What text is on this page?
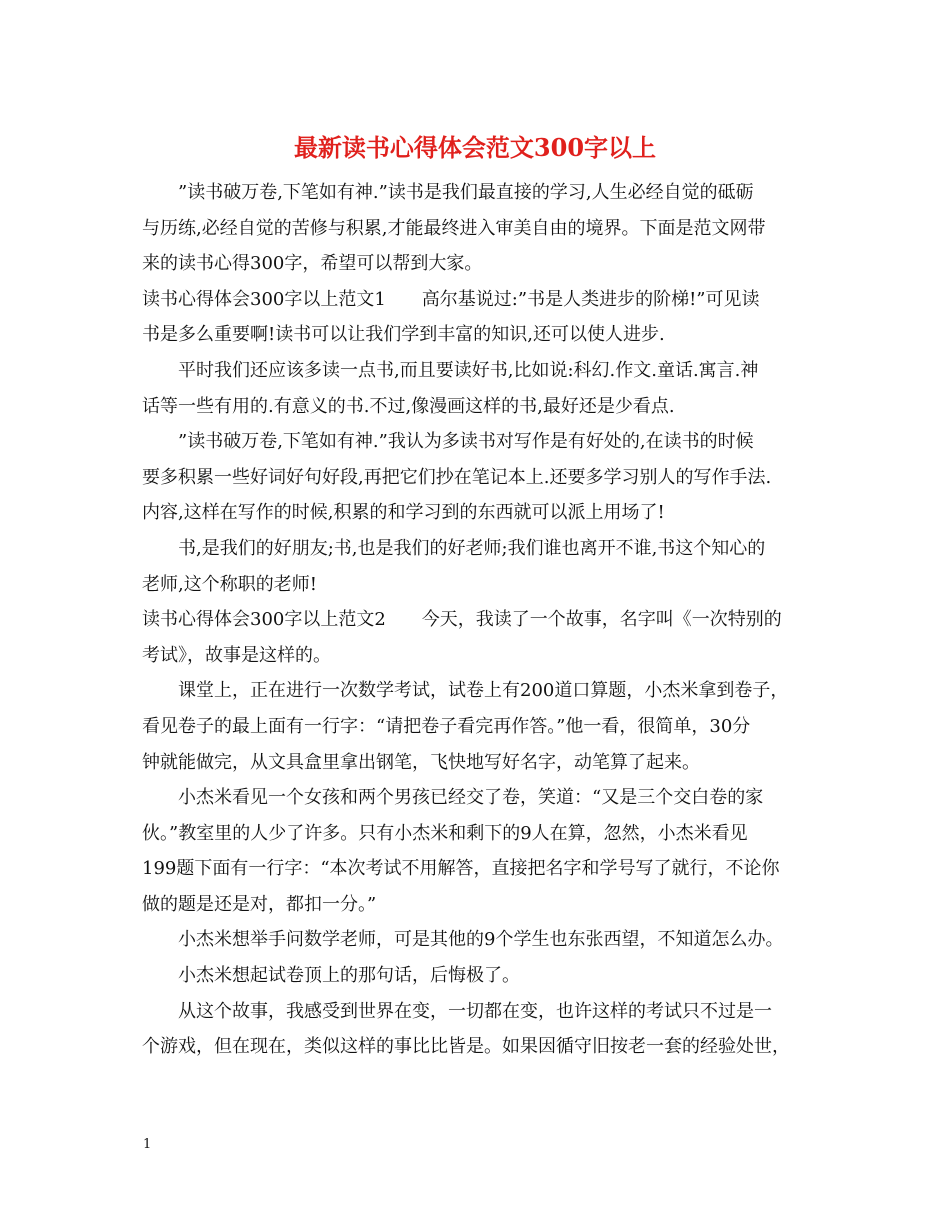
最新读书心得体会范文300字以上
”读书破万卷,下笔如有神.”读书是我们最直接的学习,人生必经自觉的砥砺
与历练,必经自觉的苦修与积累,才能最终进入审美自由的境界。下面是范文网带
来的读书心得300字，希望可以帮到大家。
读书心得体会300字以上范文1　　高尔基说过:”书是人类进步的阶梯!”可见读
书是多么重要啊!读书可以让我们学到丰富的知识,还可以使人进步.
平时我们还应该多读一点书,而且要读好书,比如说:科幻.作文.童话.寓言.神
话等一些有用的.有意义的书.不过,像漫画这样的书,最好还是少看点.
”读书破万卷,下笔如有神.”我认为多读书对写作是有好处的,在读书的时候
要多积累一些好词好句好段,再把它们抄在笔记本上.还要多学习别人的写作手法.
内容,这样在写作的时候,积累的和学习到的东西就可以派上用场了!
书,是我们的好朋友;书,也是我们的好老师;我们谁也离开不谁,书这个知心的
老师,这个称职的老师!
读书心得体会300字以上范文2　　今天，我读了一个故事，名字叫《一次特别的
考试》，故事是这样的。
课堂上，正在进行一次数学考试，试卷上有200道口算题，小杰米拿到卷子，
看见卷子的最上面有一行字：“请把卷子看完再作答。”他一看，很简单，30分
钟就能做完，从文具盒里拿出钢笔，飞快地写好名字，动笔算了起来。
小杰米看见一个女孩和两个男孩已经交了卷，笑道：“又是三个交白卷的家
伙。”教室里的人少了许多。只有小杰米和剩下的9人在算，忽然，小杰米看见
199题下面有一行字：“本次考试不用解答，直接把名字和学号写了就行，不论你
做的题是还是对，都扣一分。”
小杰米想举手问数学老师，可是其他的9个学生也东张西望，不知道怎么办。
小杰米想起试卷顶上的那句话，后悔极了。
从这个故事，我感受到世界在变，一切都在变，也许这样的考试只不过是一
个游戏，但在现在，类似这样的事比比皆是。如果因循守旧按老一套的经验处世，
1
